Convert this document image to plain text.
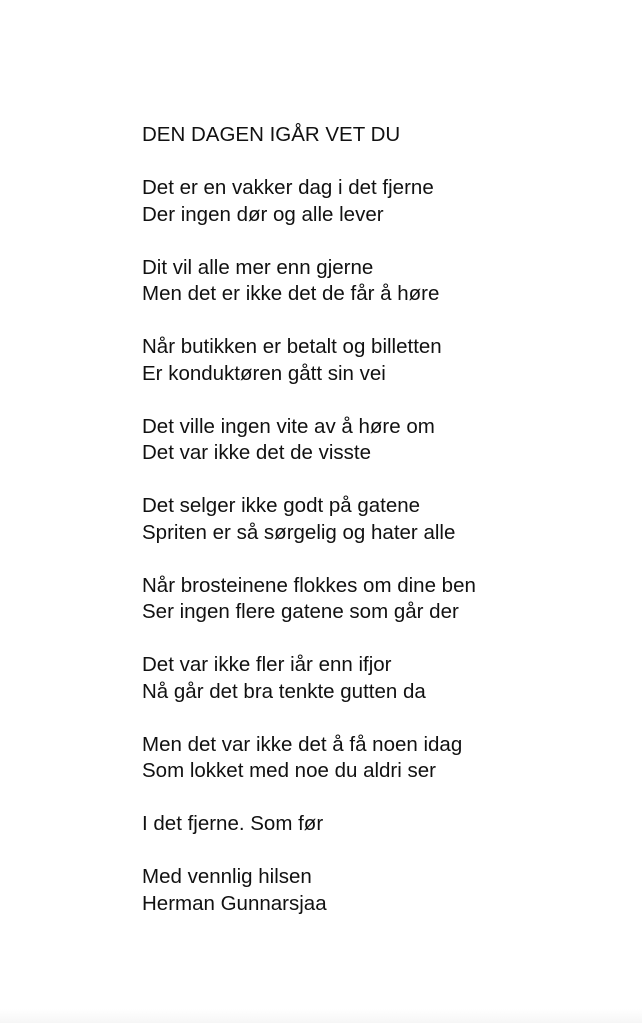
DEN DAGEN IGÅR VET DU
Det er en vakker dag i det fjerne
Der ingen dør og alle lever
Dit vil alle mer enn gjerne
Men det er ikke det de får å høre
Når butikken er betalt og billetten
Er konduktøren gått sin vei
Det ville ingen vite av å høre om
Det var ikke det de visste
Det selger ikke godt på gatene
Spriten er så sørgelig og hater alle
Når brosteinene flokkes om dine ben
Ser ingen flere gatene som går der
Det var ikke fler iår enn ifjor
Nå går det bra tenkte gutten da
Men det var ikke det å få noen idag
Som lokket med noe du aldri ser
I det fjerne. Som før
Med vennlig hilsen
Herman Gunnarsjaa
